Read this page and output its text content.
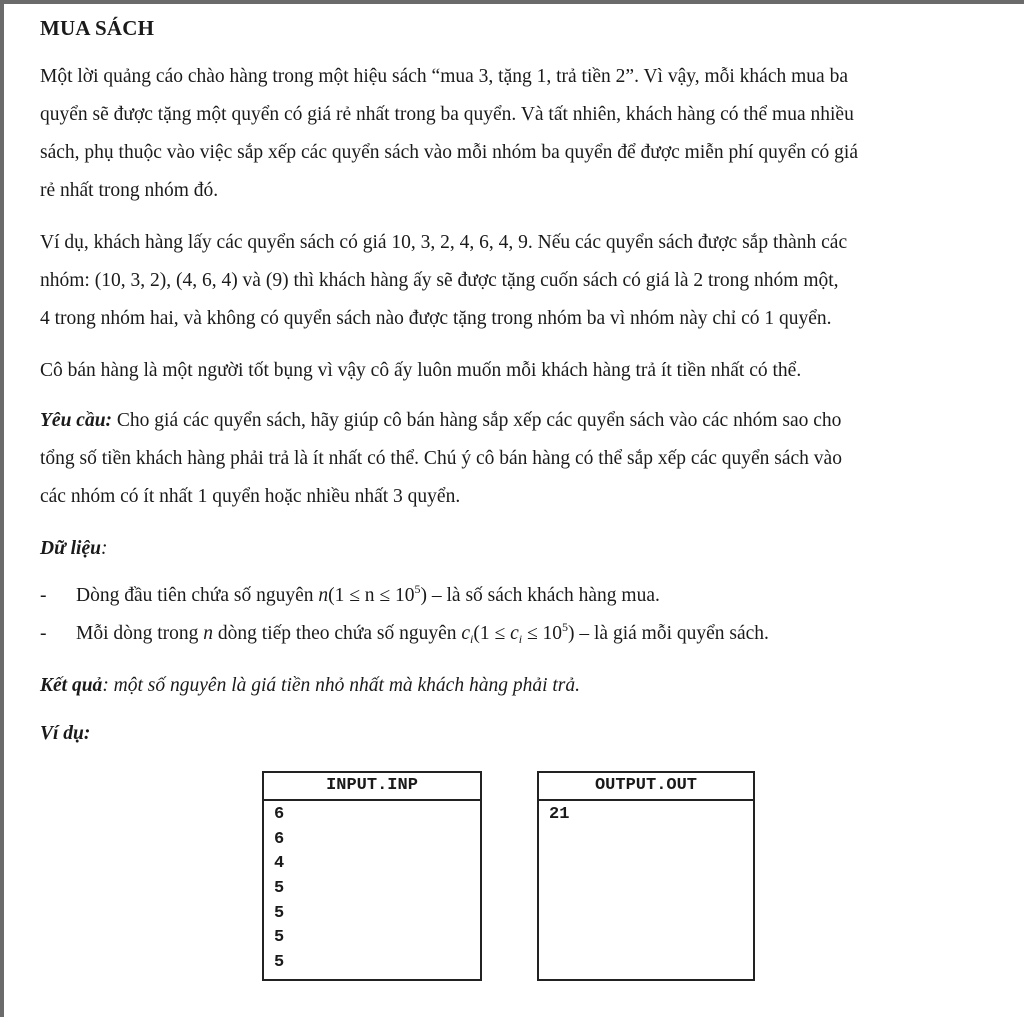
MUA SÁCH

Một lời quảng cáo chào hàng trong một hiệu sách “mua 3, tặng 1, trả tiền 2”. Vì vậy, mỗi khách mua ba
quyển sẽ được tặng một quyển có giá rẻ nhất trong ba quyển. Và tất nhiên, khách hàng có thể mua nhiều
sách, phụ thuộc vào việc sắp xếp các quyển sách vào mỗi nhóm ba quyển để được miễn phí quyển có giá
rẻ nhất trong nhóm đó.

Ví dụ, khách hàng lấy các quyển sách có giá 10, 3, 2, 4, 6, 4, 9. Nếu các quyển sách được sắp thành các
nhóm: (10, 3, 2), (4, 6, 4) và (9) thì khách hàng ấy sẽ được tặng cuốn sách có giá là 2 trong nhóm một,
4 trong nhóm hai, và không có quyển sách nào được tặng trong nhóm ba vì nhóm này chỉ có 1 quyển.

Cô bán hàng là một người tốt bụng vì vậy cô ấy luôn muốn mỗi khách hàng trả ít tiền nhất có thể.

Yêu cầu: Cho giá các quyển sách, hãy giúp cô bán hàng sắp xếp các quyển sách vào các nhóm sao cho
tổng số tiền khách hàng phải trả là ít nhất có thể. Chú ý cô bán hàng có thể sắp xếp các quyển sách vào
các nhóm có ít nhất 1 quyển hoặc nhiều nhất 3 quyển.

Dữ liệu:

- Dòng đầu tiên chứa số nguyên $n(1 \le n \le 10^5)$ – là số sách khách hàng mua.
- Mỗi dòng trong n dòng tiếp theo chứa số nguyên $c_i(1 \le c_i \le 10^5)$ – là giá mỗi quyển sách.

Kết quả: một số nguyên là giá tiền nhỏ nhất mà khách hàng phải trả.

Ví dụ:

INPUT.INP
6
6
4
5
5
5
5
OUTPUT.OUT
21
